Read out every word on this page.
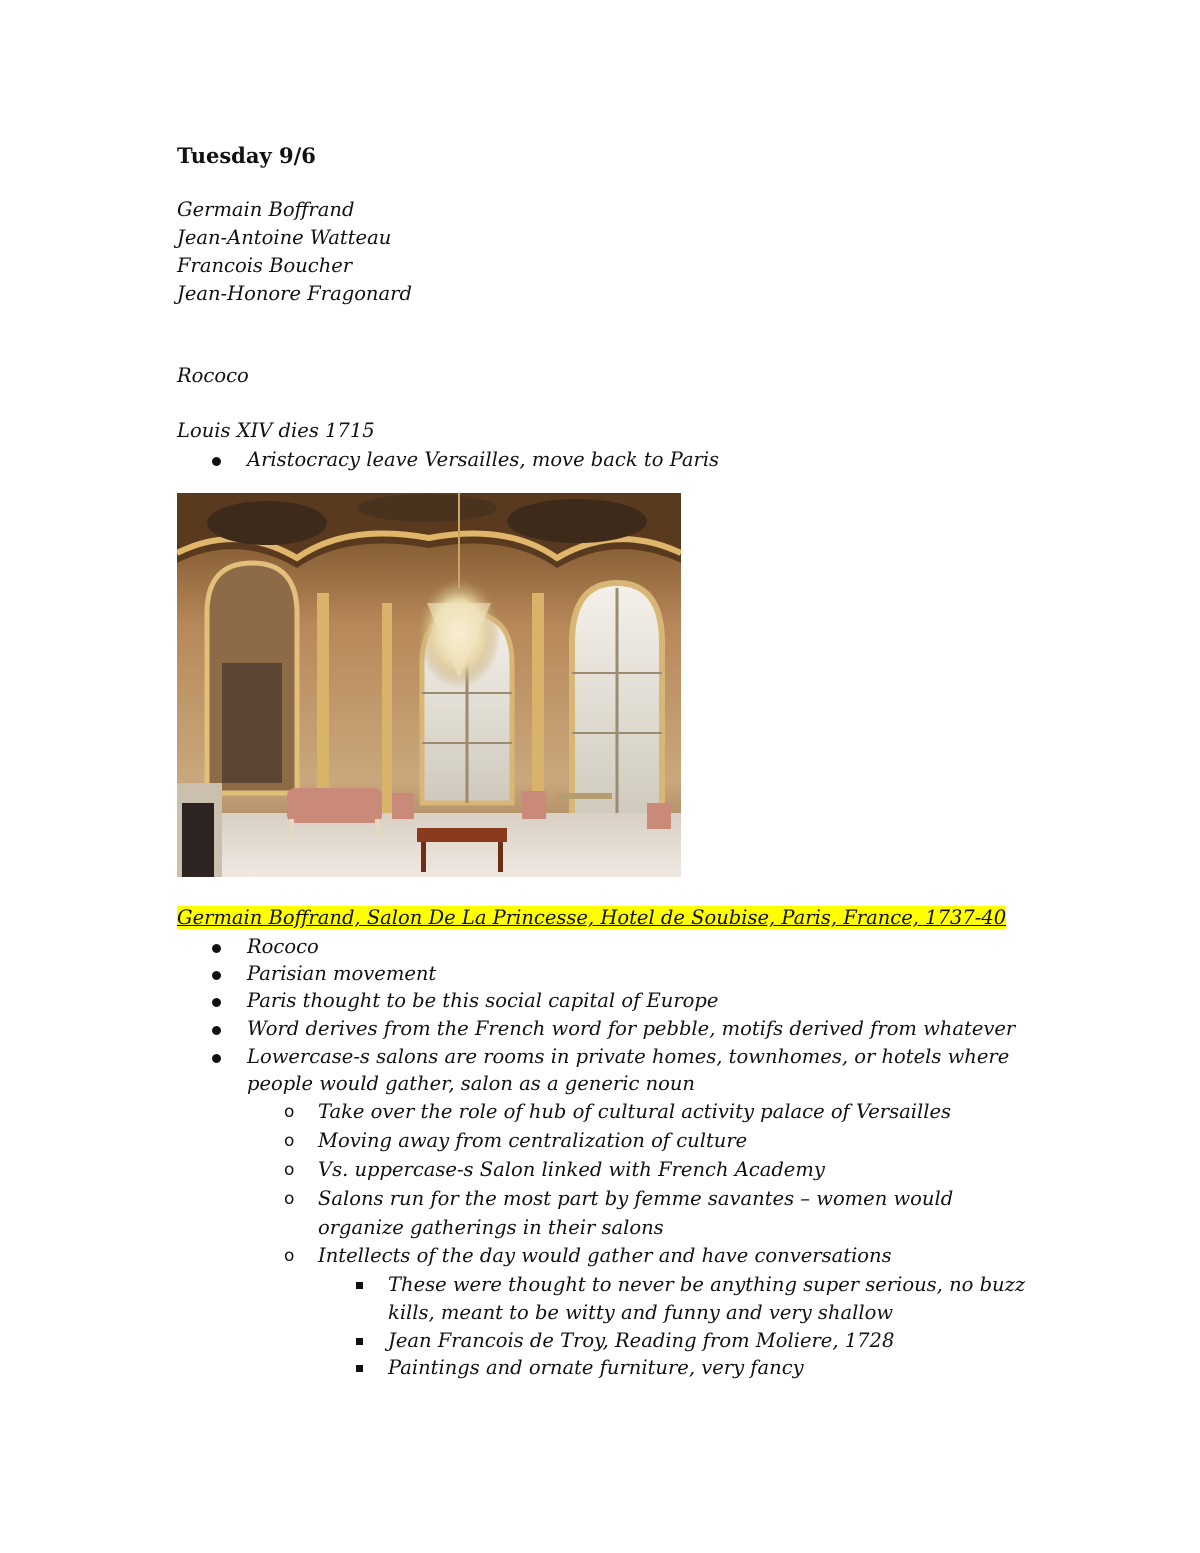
Tuesday 9/6
Germain Boffrand
Jean-Antoine Watteau
Francois Boucher
Jean-Honore Fragonard
Rococo
Louis XIV dies 1715
Aristocracy leave Versailles, move back to Paris
Germain Boffrand, Salon De La Princesse, Hotel de Soubise, Paris, France, 1737-40
Rococo
Parisian movement
Paris thought to be this social capital of Europe
Word derives from the French word for pebble, motifs derived from whatever
Lowercase-s salons are rooms in private homes, townhomes, or hotels where
people would gather, salon as a generic noun
o Take over the role of hub of cultural activity palace of Versailles
o Moving away from centralization of culture
o Vs. uppercase-s Salon linked with French Academy
o Salons run for the most part by femme savantes – women would
organize gatherings in their salons
o Intellects of the day would gather and have conversations
These were thought to never be anything super serious, no buzz
kills, meant to be witty and funny and very shallow
Jean Francois de Troy, Reading from Moliere, 1728
Paintings and ornate furniture, very fancy
